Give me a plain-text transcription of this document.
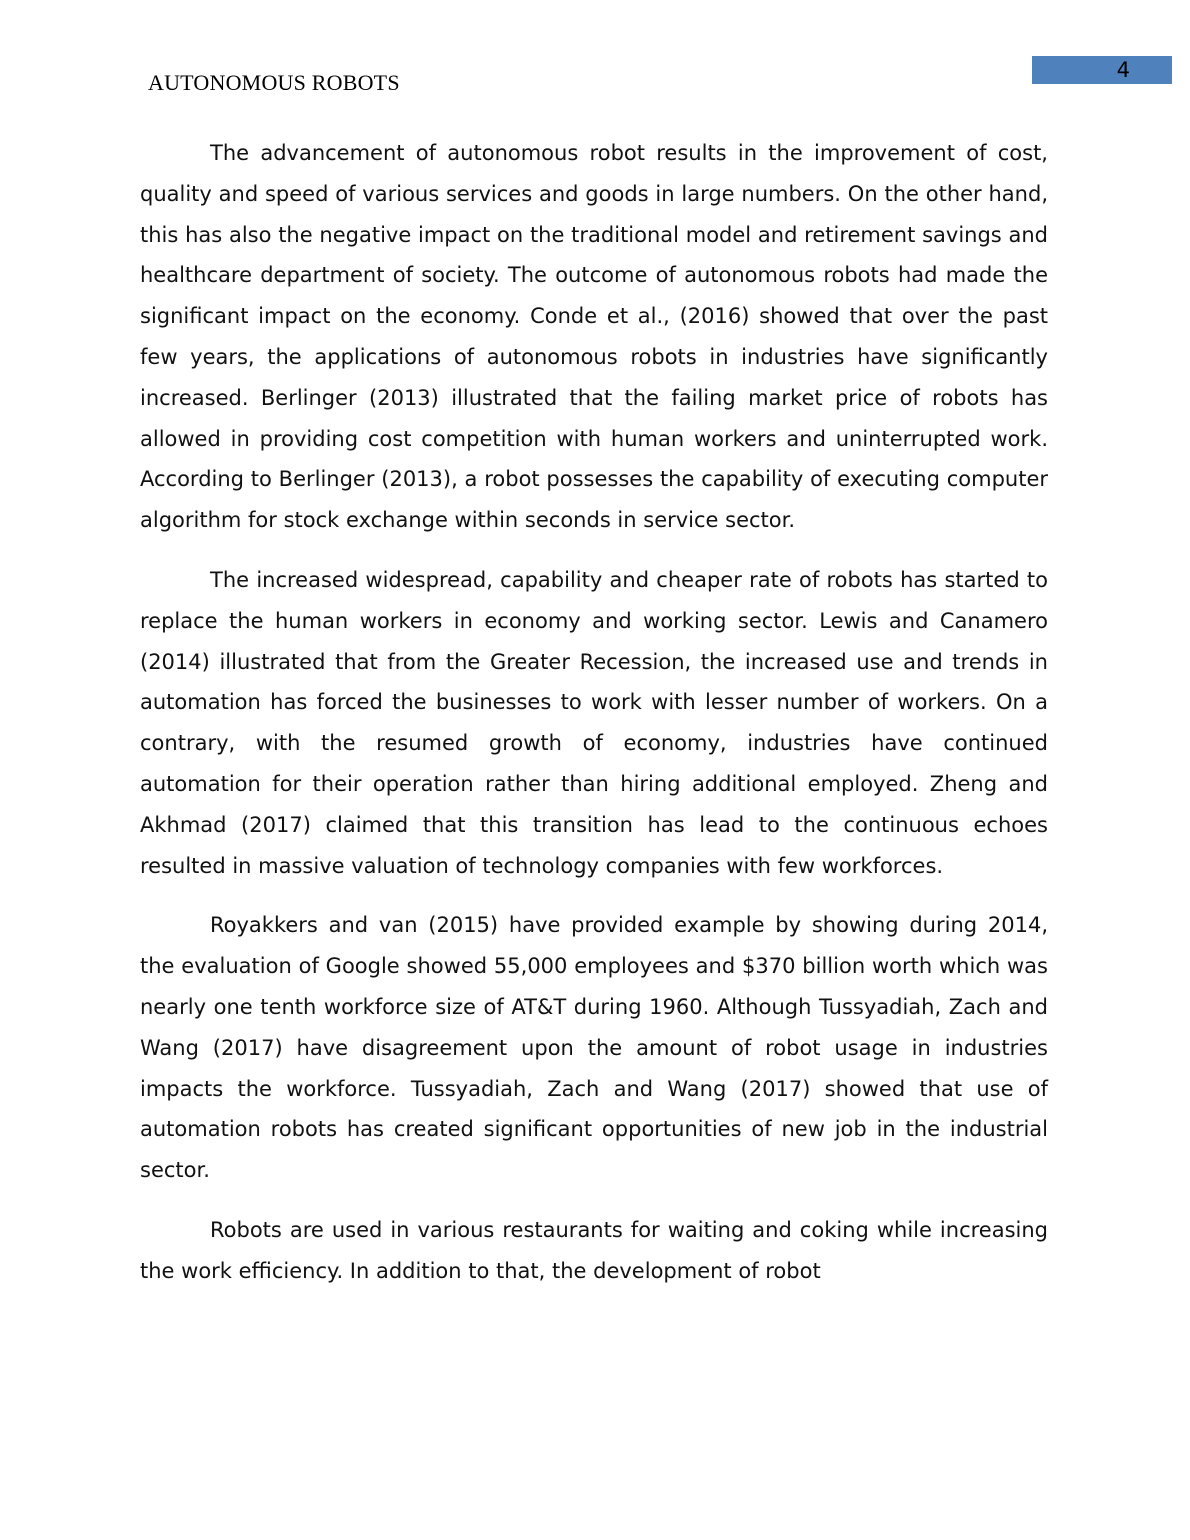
AUTONOMOUS ROBOTS	4

The advancement of autonomous robot results in the improvement of cost, quality and speed of various services and goods in large numbers. On the other hand, this has also the negative impact on the traditional model and retirement savings and healthcare department of society. The outcome of autonomous robots had made the significant impact on the economy. Conde et al., (2016) showed that over the past few years, the applications of autonomous robots in industries have significantly increased. Berlinger (2013) illustrated that the failing market price of robots has allowed in providing cost competition with human workers and uninterrupted work. According to Berlinger (2013), a robot possesses the capability of executing computer algorithm for stock exchange within seconds in service sector.

The increased widespread, capability and cheaper rate of robots has started to replace the human workers in economy and working sector. Lewis and Canamero (2014) illustrated that from the Greater Recession, the increased use and trends in automation has forced the businesses to work with lesser number of workers. On a contrary, with the resumed growth of economy, industries have continued automation for their operation rather than hiring additional employed. Zheng and Akhmad (2017) claimed that this transition has lead to the continuous echoes resulted in massive valuation of technology companies with few workforces.

Royakkers and van (2015) have provided example by showing during 2014, the evaluation of Google showed 55,000 employees and $370 billion worth which was nearly one tenth workforce size of AT&T during 1960. Although Tussyadiah, Zach and Wang (2017) have disagreement upon the amount of robot usage in industries impacts the workforce. Tussyadiah, Zach and Wang (2017) showed that use of automation robots has created significant opportunities of new job in the industrial sector.

Robots are used in various restaurants for waiting and coking while increasing the work efficiency. In addition to that, the development of robot
